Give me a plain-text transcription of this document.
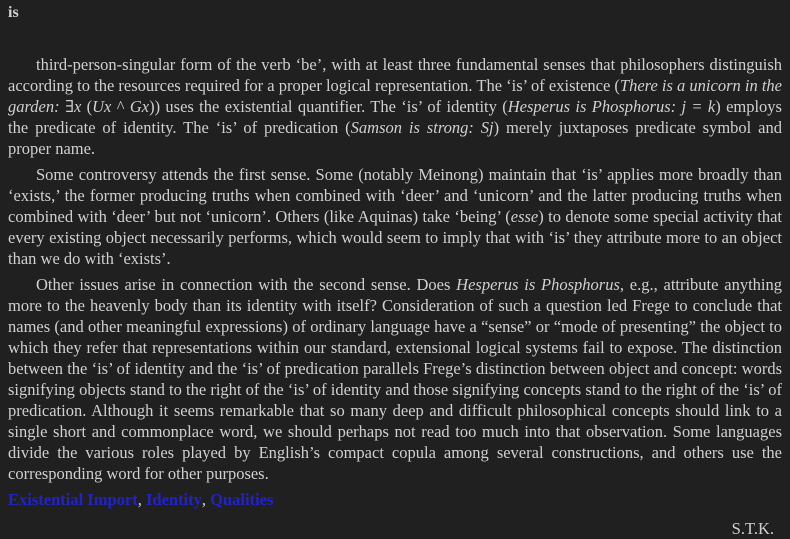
is

third-person-singular form of the verb ‘be’, with at least three fundamental senses that philosophers distinguish according to the resources required for a proper logical representation. The ‘is’ of existence (There is a unicorn in the garden: ∃x (Ux ^ Gx)) uses the existential quantifier. The ‘is’ of identity (Hesperus is Phosphorus: j = k) employs the predicate of identity. The ‘is’ of predication (Samson is strong: Sj) merely juxtaposes predicate symbol and proper name.

Some controversy attends the first sense. Some (notably Meinong) maintain that ‘is’ applies more broadly than ‘exists,’ the former producing truths when combined with ‘deer’ and ‘unicorn’ and the latter producing truths when combined with ‘deer’ but not ‘unicorn’. Others (like Aquinas) take ‘being’ (esse) to denote some special activity that every existing object necessarily performs, which would seem to imply that with ‘is’ they attribute more to an object than we do with ‘exists’.

Other issues arise in connection with the second sense. Does Hesperus is Phosphorus, e.g., attribute anything more to the heavenly body than its identity with itself? Consideration of such a question led Frege to conclude that names (and other meaningful expressions) of ordinary language have a “sense” or “mode of presenting” the object to which they refer that representations within our standard, extensional logical systems fail to expose. The distinction between the ‘is’ of identity and the ‘is’ of predication parallels Frege’s distinction between object and concept: words signifying objects stand to the right of the ‘is’ of identity and those signifying concepts stand to the right of the ‘is’ of predication. Although it seems remarkable that so many deep and difficult philosophical concepts should link to a single short and commonplace word, we should perhaps not read too much into that observation. Some languages divide the various roles played by English’s compact copula among several constructions, and others use the corresponding word for other purposes.

Existential Import, Identity, Qualities

S.T.K.
